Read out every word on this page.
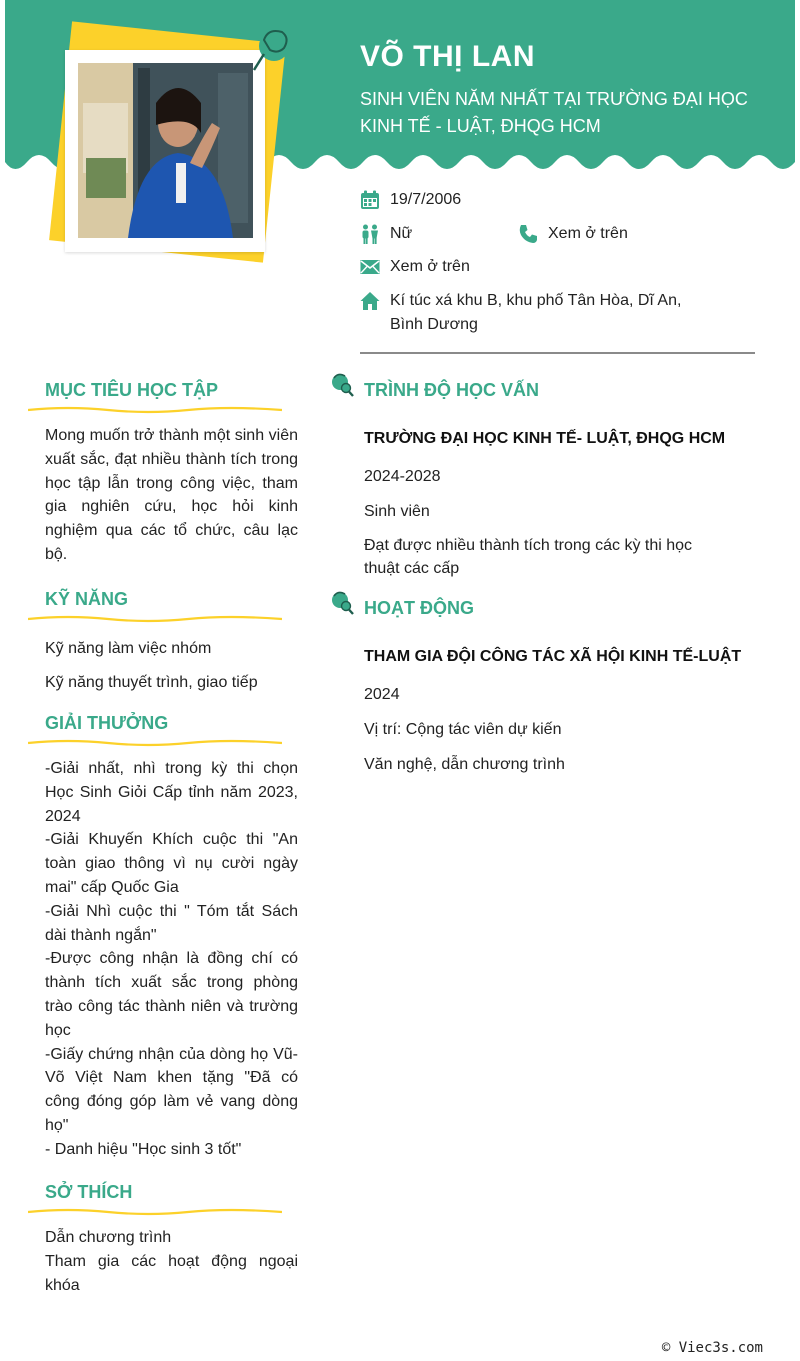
VÕ THỊ LAN
SINH VIÊN NĂM NHẤT TẠI TRƯỜNG ĐẠI HỌC KINH TẾ - LUẬT, ĐHQG HCM
19/7/2006
Nữ	Xem ở trên
Xem ở trên
Kí túc xá khu B, khu phố Tân Hòa, Dĩ An, Bình Dương
MỤC TIÊU HỌC TẬP
Mong muốn trở thành một sinh viên xuất sắc, đạt nhiều thành tích trong học tập lẫn trong công việc, tham gia nghiên cứu, học hỏi kinh nghiệm qua các tổ chức, câu lạc bộ.
KỸ NĂNG
Kỹ năng làm việc nhóm
Kỹ năng thuyết trình, giao tiếp
GIẢI THƯỞNG
-Giải nhất, nhì trong kỳ thi chọn Học Sinh Giỏi Cấp tỉnh năm 2023, 2024
-Giải Khuyến Khích cuộc thi "An toàn giao thông vì nụ cười ngày mai" cấp Quốc Gia
-Giải Nhì cuộc thi " Tóm tắt Sách dài thành ngắn"
-Được công nhận là đồng chí có thành tích xuất sắc trong phòng trào công tác thành niên và trường học
-Giấy chứng nhận của dòng họ Vũ- Võ Việt Nam khen tặng "Đã có công đóng góp làm vẻ vang dòng họ"
- Danh hiệu "Học sinh 3 tốt"
SỞ THÍCH
Dẫn chương trình
Tham gia các hoạt động ngoại khóa
TRÌNH ĐỘ HỌC VẤN
TRƯỜNG ĐẠI HỌC KINH TẾ- LUẬT, ĐHQG HCM
2024-2028
Sinh viên
Đạt được nhiều thành tích trong các kỳ thi học thuật các cấp
HOẠT ĐỘNG
THAM GIA ĐỘI CÔNG TÁC XÃ HỘI KINH TẾ-LUẬT
2024
Vị trí: Cộng tác viên dự kiến
Văn nghệ, dẫn chương trình
© Viec3s.com
